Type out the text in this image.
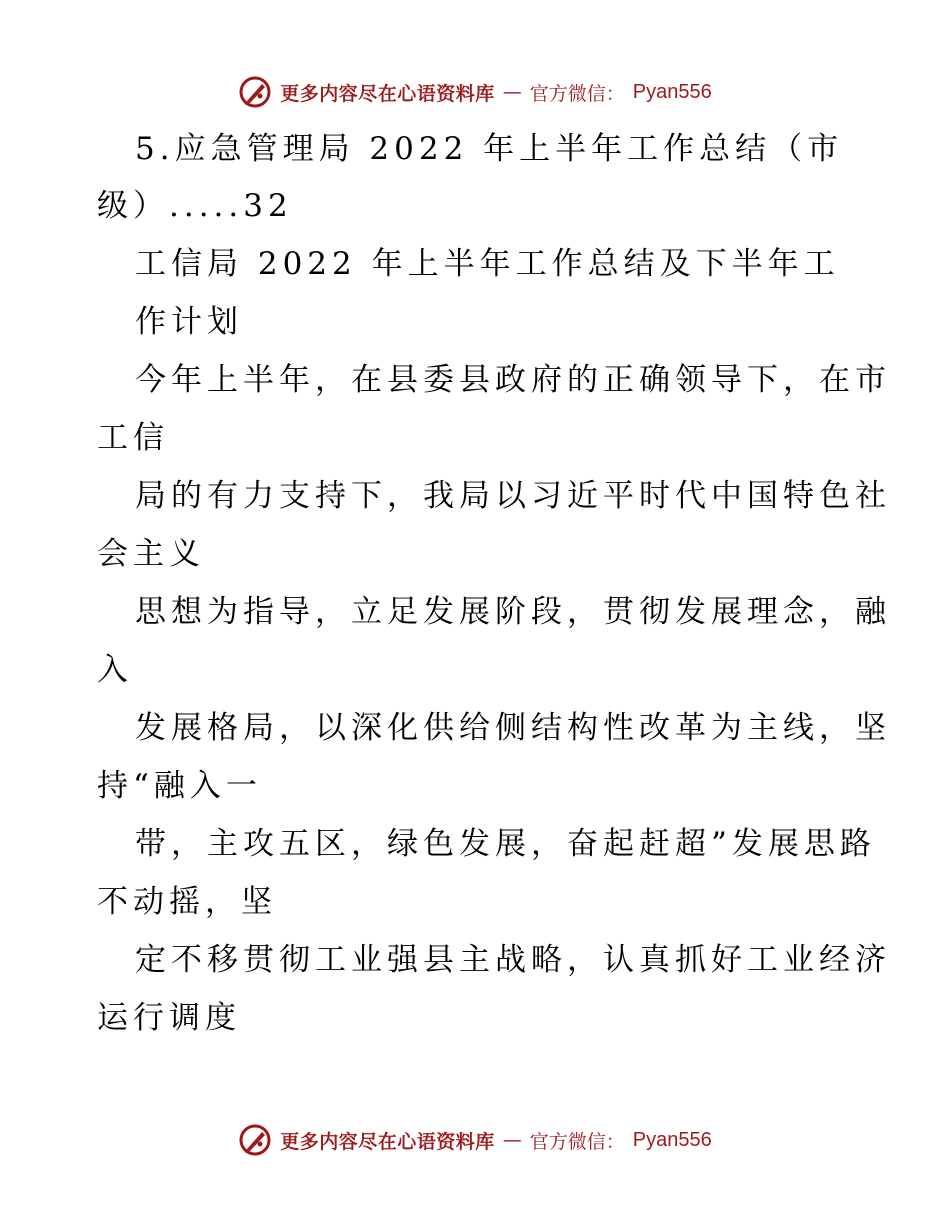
更多内容尽在心语资料库 — 官方微信： Pyan556
5.应急管理局 2022 年上半年工作总结（市
级）.....32
工信局 2022 年上半年工作总结及下半年工
作计划
今年上半年，在县委县政府的正确领导下，在市
工信
局的有力支持下，我局以习近平时代中国特色社
会主义
思想为指导，立足发展阶段，贯彻发展理念，融
入
发展格局，以深化供给侧结构性改革为主线，坚
持“融入一
带，主攻五区，绿色发展，奋起赶超”发展思路
不动摇，坚
定不移贯彻工业强县主战略，认真抓好工业经济
运行调度
更多内容尽在心语资料库 — 官方微信： Pyan556
